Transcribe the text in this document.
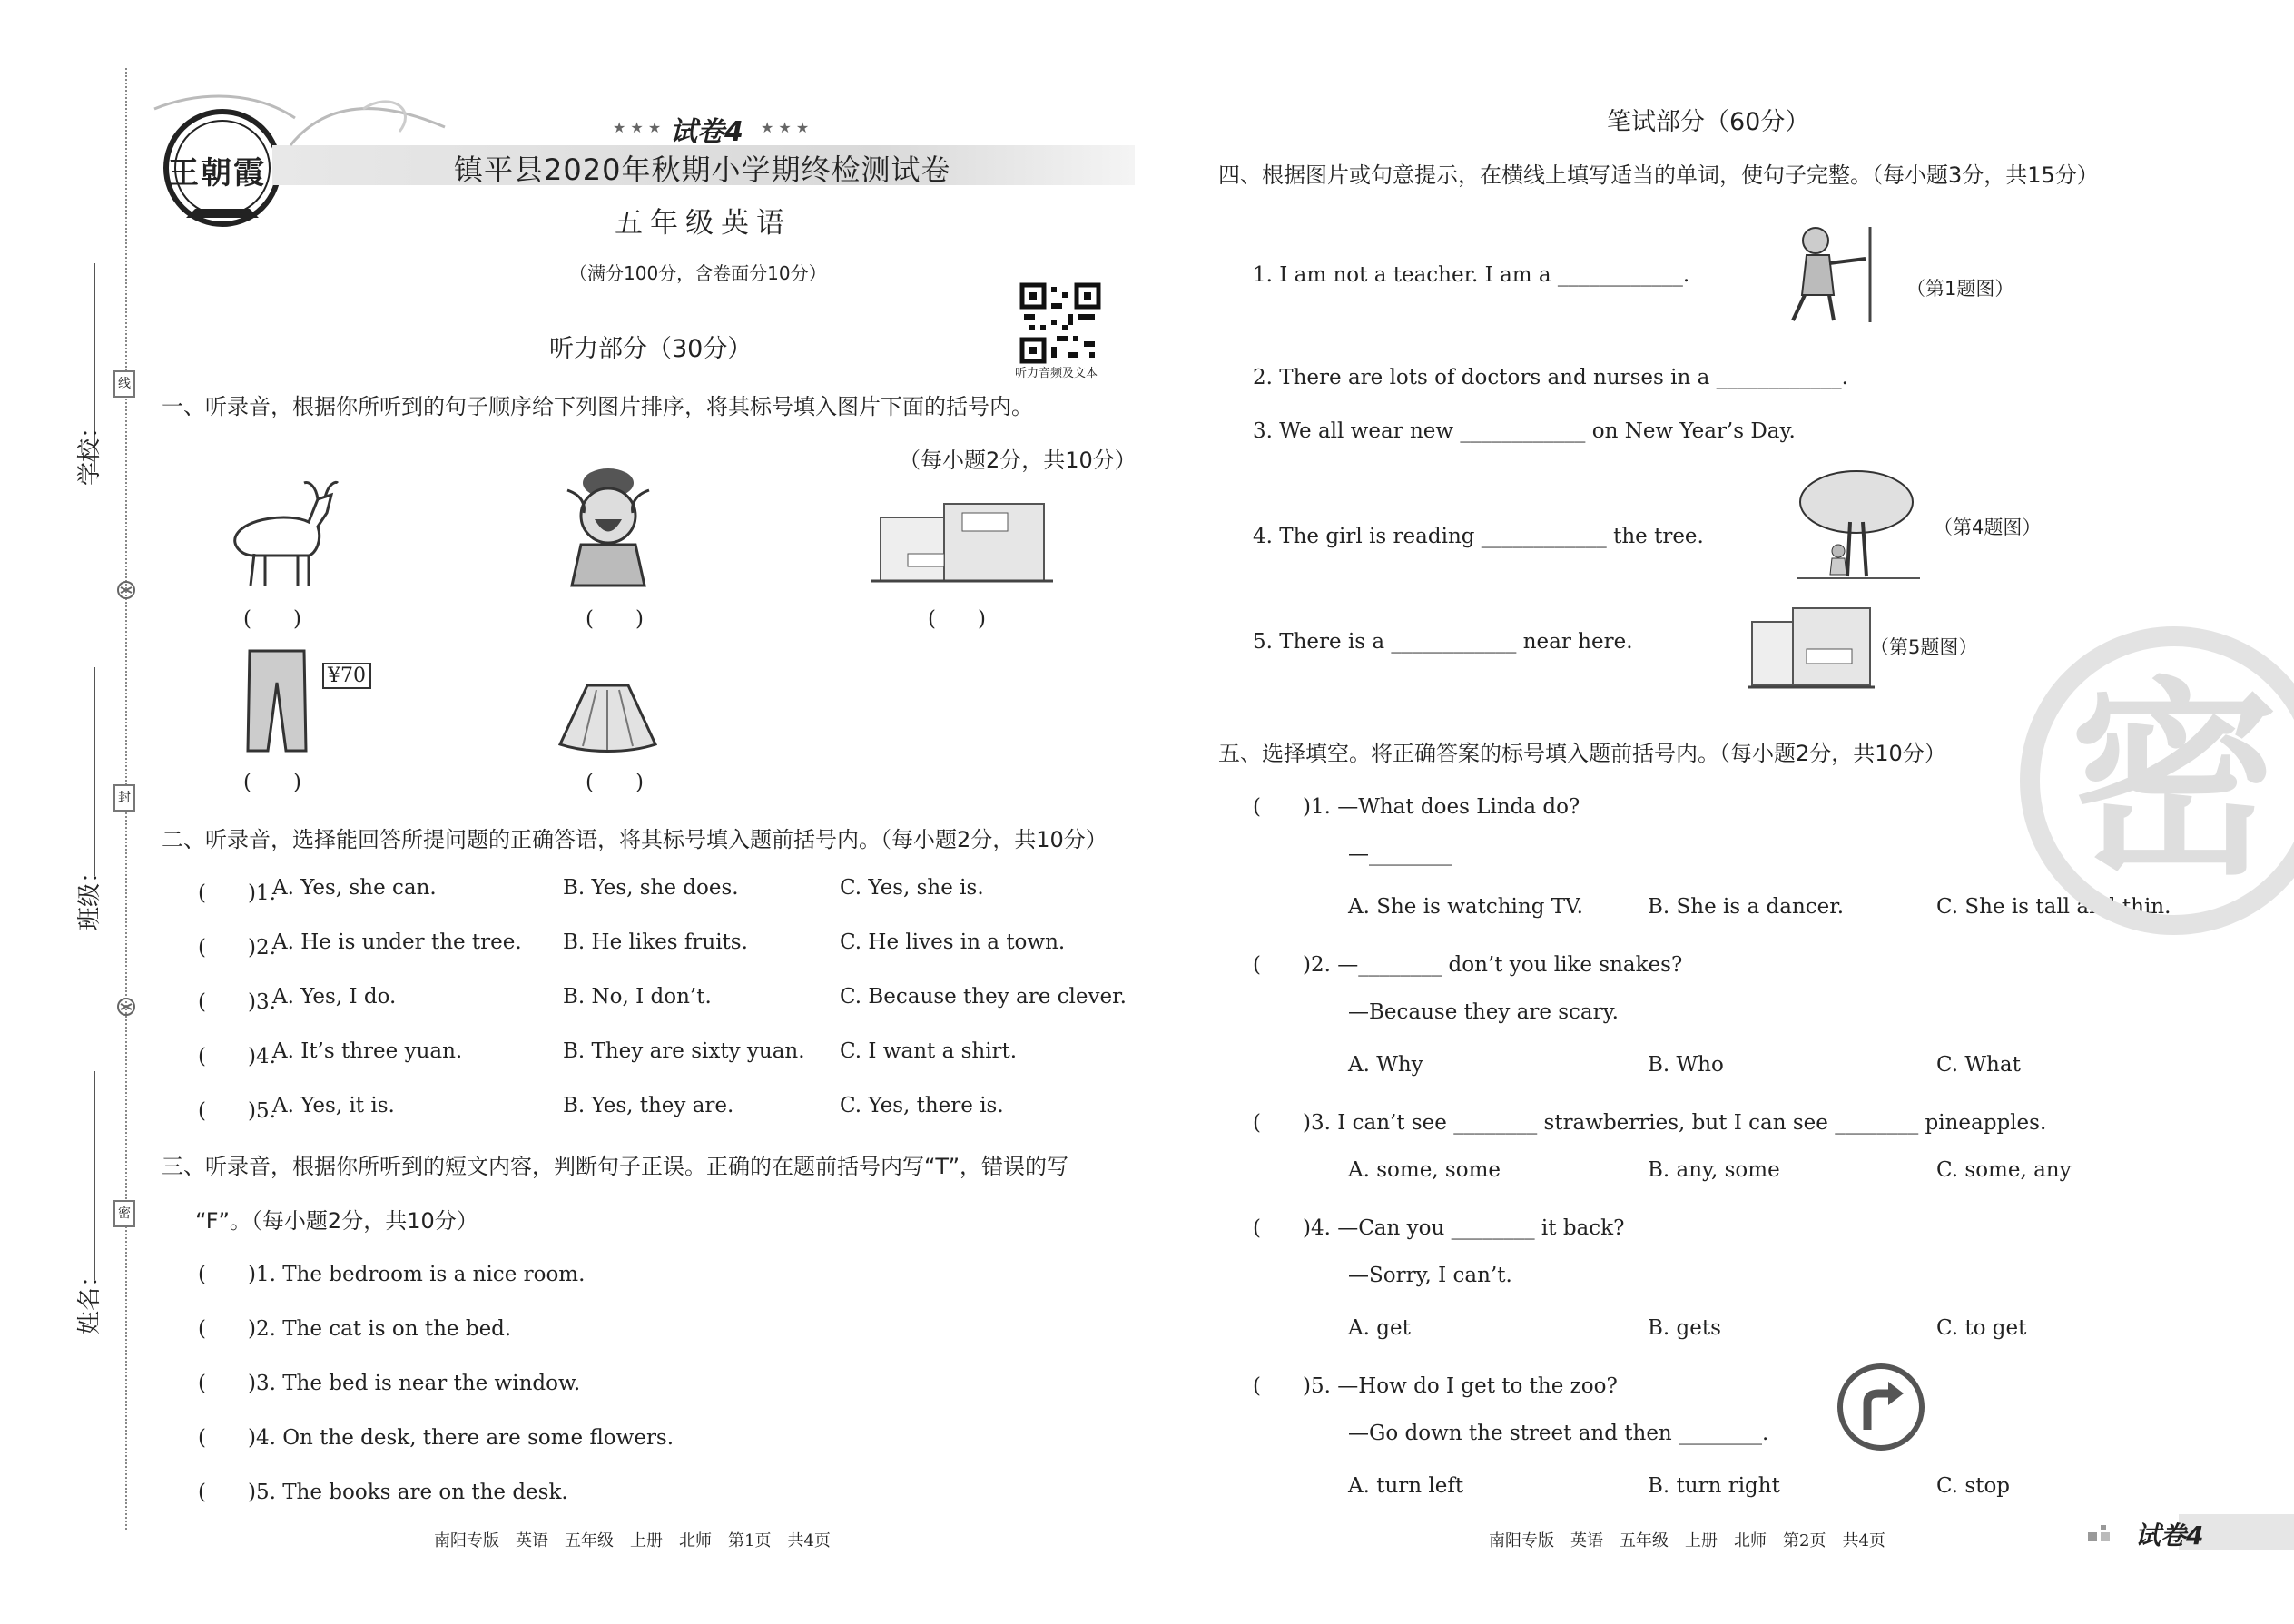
学校：
班级：
姓名：
线
封
密
王朝霞
★ ★ ★ 试卷4 ★ ★ ★
镇平县2020年秋期小学期终检测试卷
五年级英语
（满分100分，含卷面分10分）
听力音频及文本
听力部分（30分）
一、听录音，根据你所听到的句子顺序给下列图片排序，将其标号填入图片下面的括号内。
（每小题2分，共10分）
(　　)	(　　)	(　　)
¥70
(　　)	(　　)
二、听录音，选择能回答所提问题的正确答语，将其标号填入题前括号内。（每小题2分，共10分）
(　　)1.
A. Yes, she can.	B. Yes, she does.	C. Yes, she is.
(　　)2.
A. He is under the tree. B. He likes fruits.	C. He lives in a town.
(　　)3.
A. Yes, I do.	B. No, I don’t.	C. Because they are clever.
(　　)4.
A. It’s three yuan.	B. They are sixty yuan. C. I want a shirt.
(　　)5.
A. Yes, it is.	B. Yes, they are.	C. Yes, there is.
三、听录音，根据你所听到的短文内容，判断句子正误。正确的在题前括号内写“T”，错误的写
“F”。（每小题2分，共10分）
(　　)1. The bedroom is a nice room.
(　　)2. The cat is on the bed.
(　　)3. The bed is near the window.
(　　)4. On the desk, there are some flowers.
(　　)5. The books are on the desk.
南阳专版　英语　五年级　上册　北师　第1页　共4页
笔试部分（60分）
四、根据图片或句意提示，在横线上填写适当的单词，使句子完整。（每小题3分，共15分）
1. I am not a teacher. I am a ____________.
（第1题图）
2. There are lots of doctors and nurses in a ____________.
3. We all wear new ____________ on New Year’s Day.
4. The girl is reading ____________ the tree.	（第4题图）
5. There is a ____________ near here.	（第5题图）
五、选择填空。将正确答案的标号填入题前括号内。（每小题2分，共10分）
(　　)1. —What does Linda do?
—________
A. She is watching TV.	B. She is a dancer.	C. She is tall and thin.
(　　)2. —________ don’t you like snakes?
—Because they are scary.
A. Why	B. Who	C. What
(　　)3. I can’t see ________ strawberries, but I can see ________ pineapples.
A. some, some	B. any, some	C. some, any
(　　)4. —Can you ________ it back?
—Sorry, I can’t.
A. get	B. gets	C. to get
(　　)5. —How do I get to the zoo?
—Go down the street and then ________.
A. turn left	B. turn right	C. stop
密
南阳专版　英语　五年级　上册　北师　第2页　共4页	试卷4
